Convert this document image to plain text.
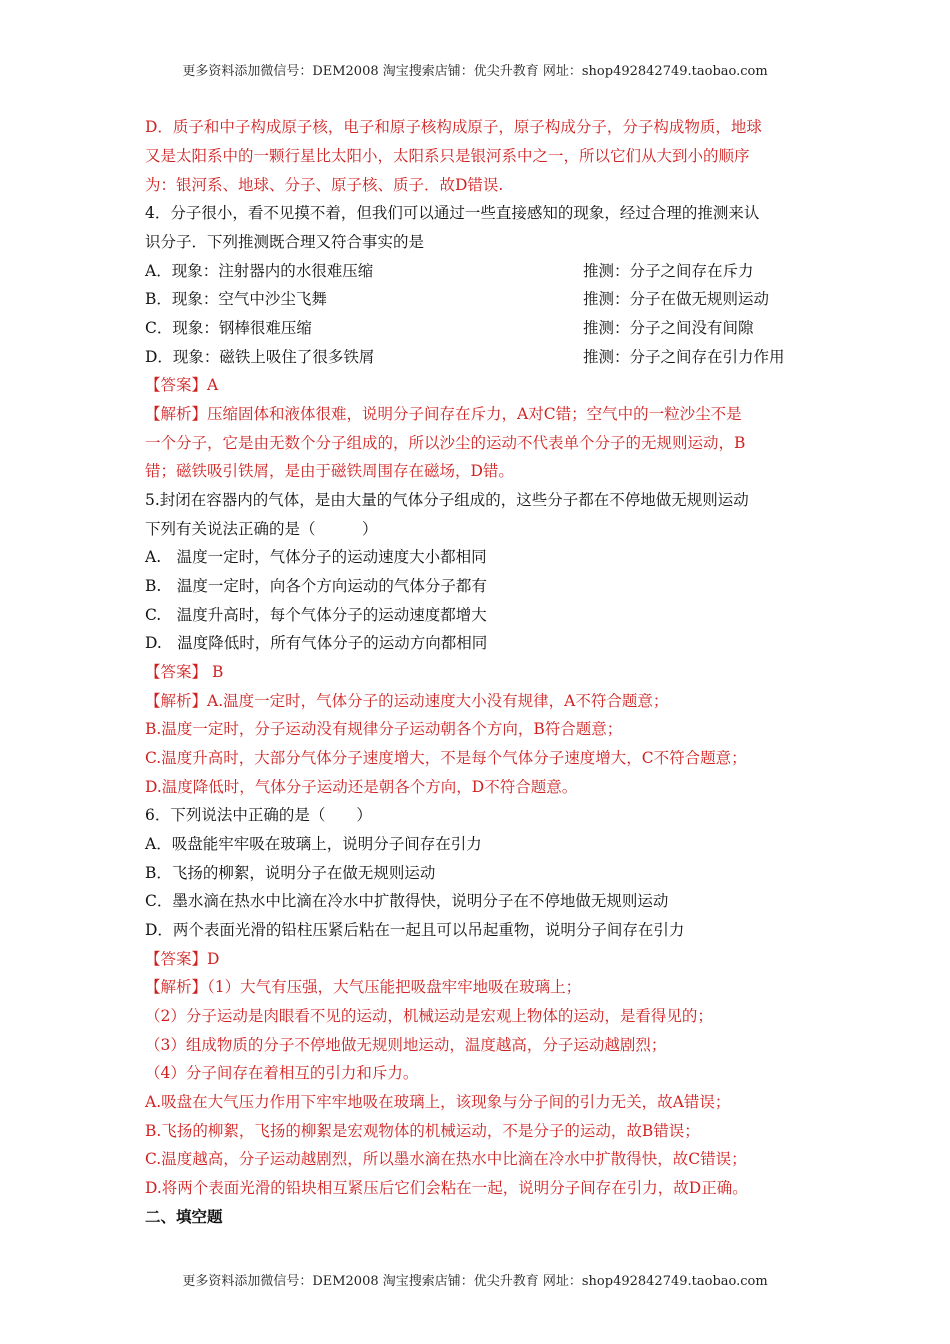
更多资料添加微信号：DEM2008 淘宝搜索店铺：优尖升教育 网址：shop492842749.taobao.com
D．质子和中子构成原子核，电子和原子核构成原子，原子构成分子，分子构成物质，地球
又是太阳系中的一颗行星比太阳小，太阳系只是银河系中之一，所以它们从大到小的顺序
为：银河系、地球、分子、原子核、质子．故D错误.
4．分子很小，看不见摸不着，但我们可以通过一些直接感知的现象，经过合理的推测来认
识分子．下列推测既合理又符合事实的是
A．现象：注射器内的水很难压缩	推测：分子之间存在斥力
B．现象：空气中沙尘飞舞	推测：分子在做无规则运动
C．现象：钢棒很难压缩	推测：分子之间没有间隙
D．现象：磁铁上吸住了很多铁屑	推测：分子之间存在引力作用
【答案】A
【解析】压缩固体和液体很难，说明分子间存在斥力，A对C错；空气中的一粒沙尘不是
一个分子，它是由无数个分子组成的，所以沙尘的运动不代表单个分子的无规则运动，B
错；磁铁吸引铁屑，是由于磁铁周围存在磁场，D错。
5.封闭在容器内的气体，是由大量的气体分子组成的，这些分子都在不停地做无规则运动
下列有关说法正确的是（　　　）
A.　温度一定时，气体分子的运动速度大小都相同
B.　温度一定时，向各个方向运动的气体分子都有
C.　温度升高时，每个气体分子的运动速度都增大
D.　温度降低时，所有气体分子的运动方向都相同
【答案】 B
【解析】A.温度一定时，气体分子的运动速度大小没有规律，A不符合题意；
B.温度一定时，分子运动没有规律分子运动朝各个方向，B符合题意；
C.温度升高时，大部分气体分子速度增大，不是每个气体分子速度增大，C不符合题意；
D.温度降低时，气体分子运动还是朝各个方向，D不符合题意。
6．下列说法中正确的是（　　）
A．吸盘能牢牢吸在玻璃上，说明分子间存在引力
B．飞扬的柳絮，说明分子在做无规则运动
C．墨水滴在热水中比滴在冷水中扩散得快，说明分子在不停地做无规则运动
D．两个表面光滑的铅柱压紧后粘在一起且可以吊起重物，说明分子间存在引力
【答案】D
【解析】（1）大气有压强，大气压能把吸盘牢牢地吸在玻璃上；
（2）分子运动是肉眼看不见的运动，机械运动是宏观上物体的运动，是看得见的；
（3）组成物质的分子不停地做无规则地运动，温度越高，分子运动越剧烈；
（4）分子间存在着相互的引力和斥力。
A.吸盘在大气压力作用下牢牢地吸在玻璃上，该现象与分子间的引力无关，故A错误；
B.飞扬的柳絮，飞扬的柳絮是宏观物体的机械运动，不是分子的运动，故B错误；
C.温度越高，分子运动越剧烈，所以墨水滴在热水中比滴在冷水中扩散得快，故C错误；
D.将两个表面光滑的铅块相互紧压后它们会粘在一起，说明分子间存在引力，故D正确。
二、填空题
更多资料添加微信号：DEM2008 淘宝搜索店铺：优尖升教育 网址：shop492842749.taobao.com
